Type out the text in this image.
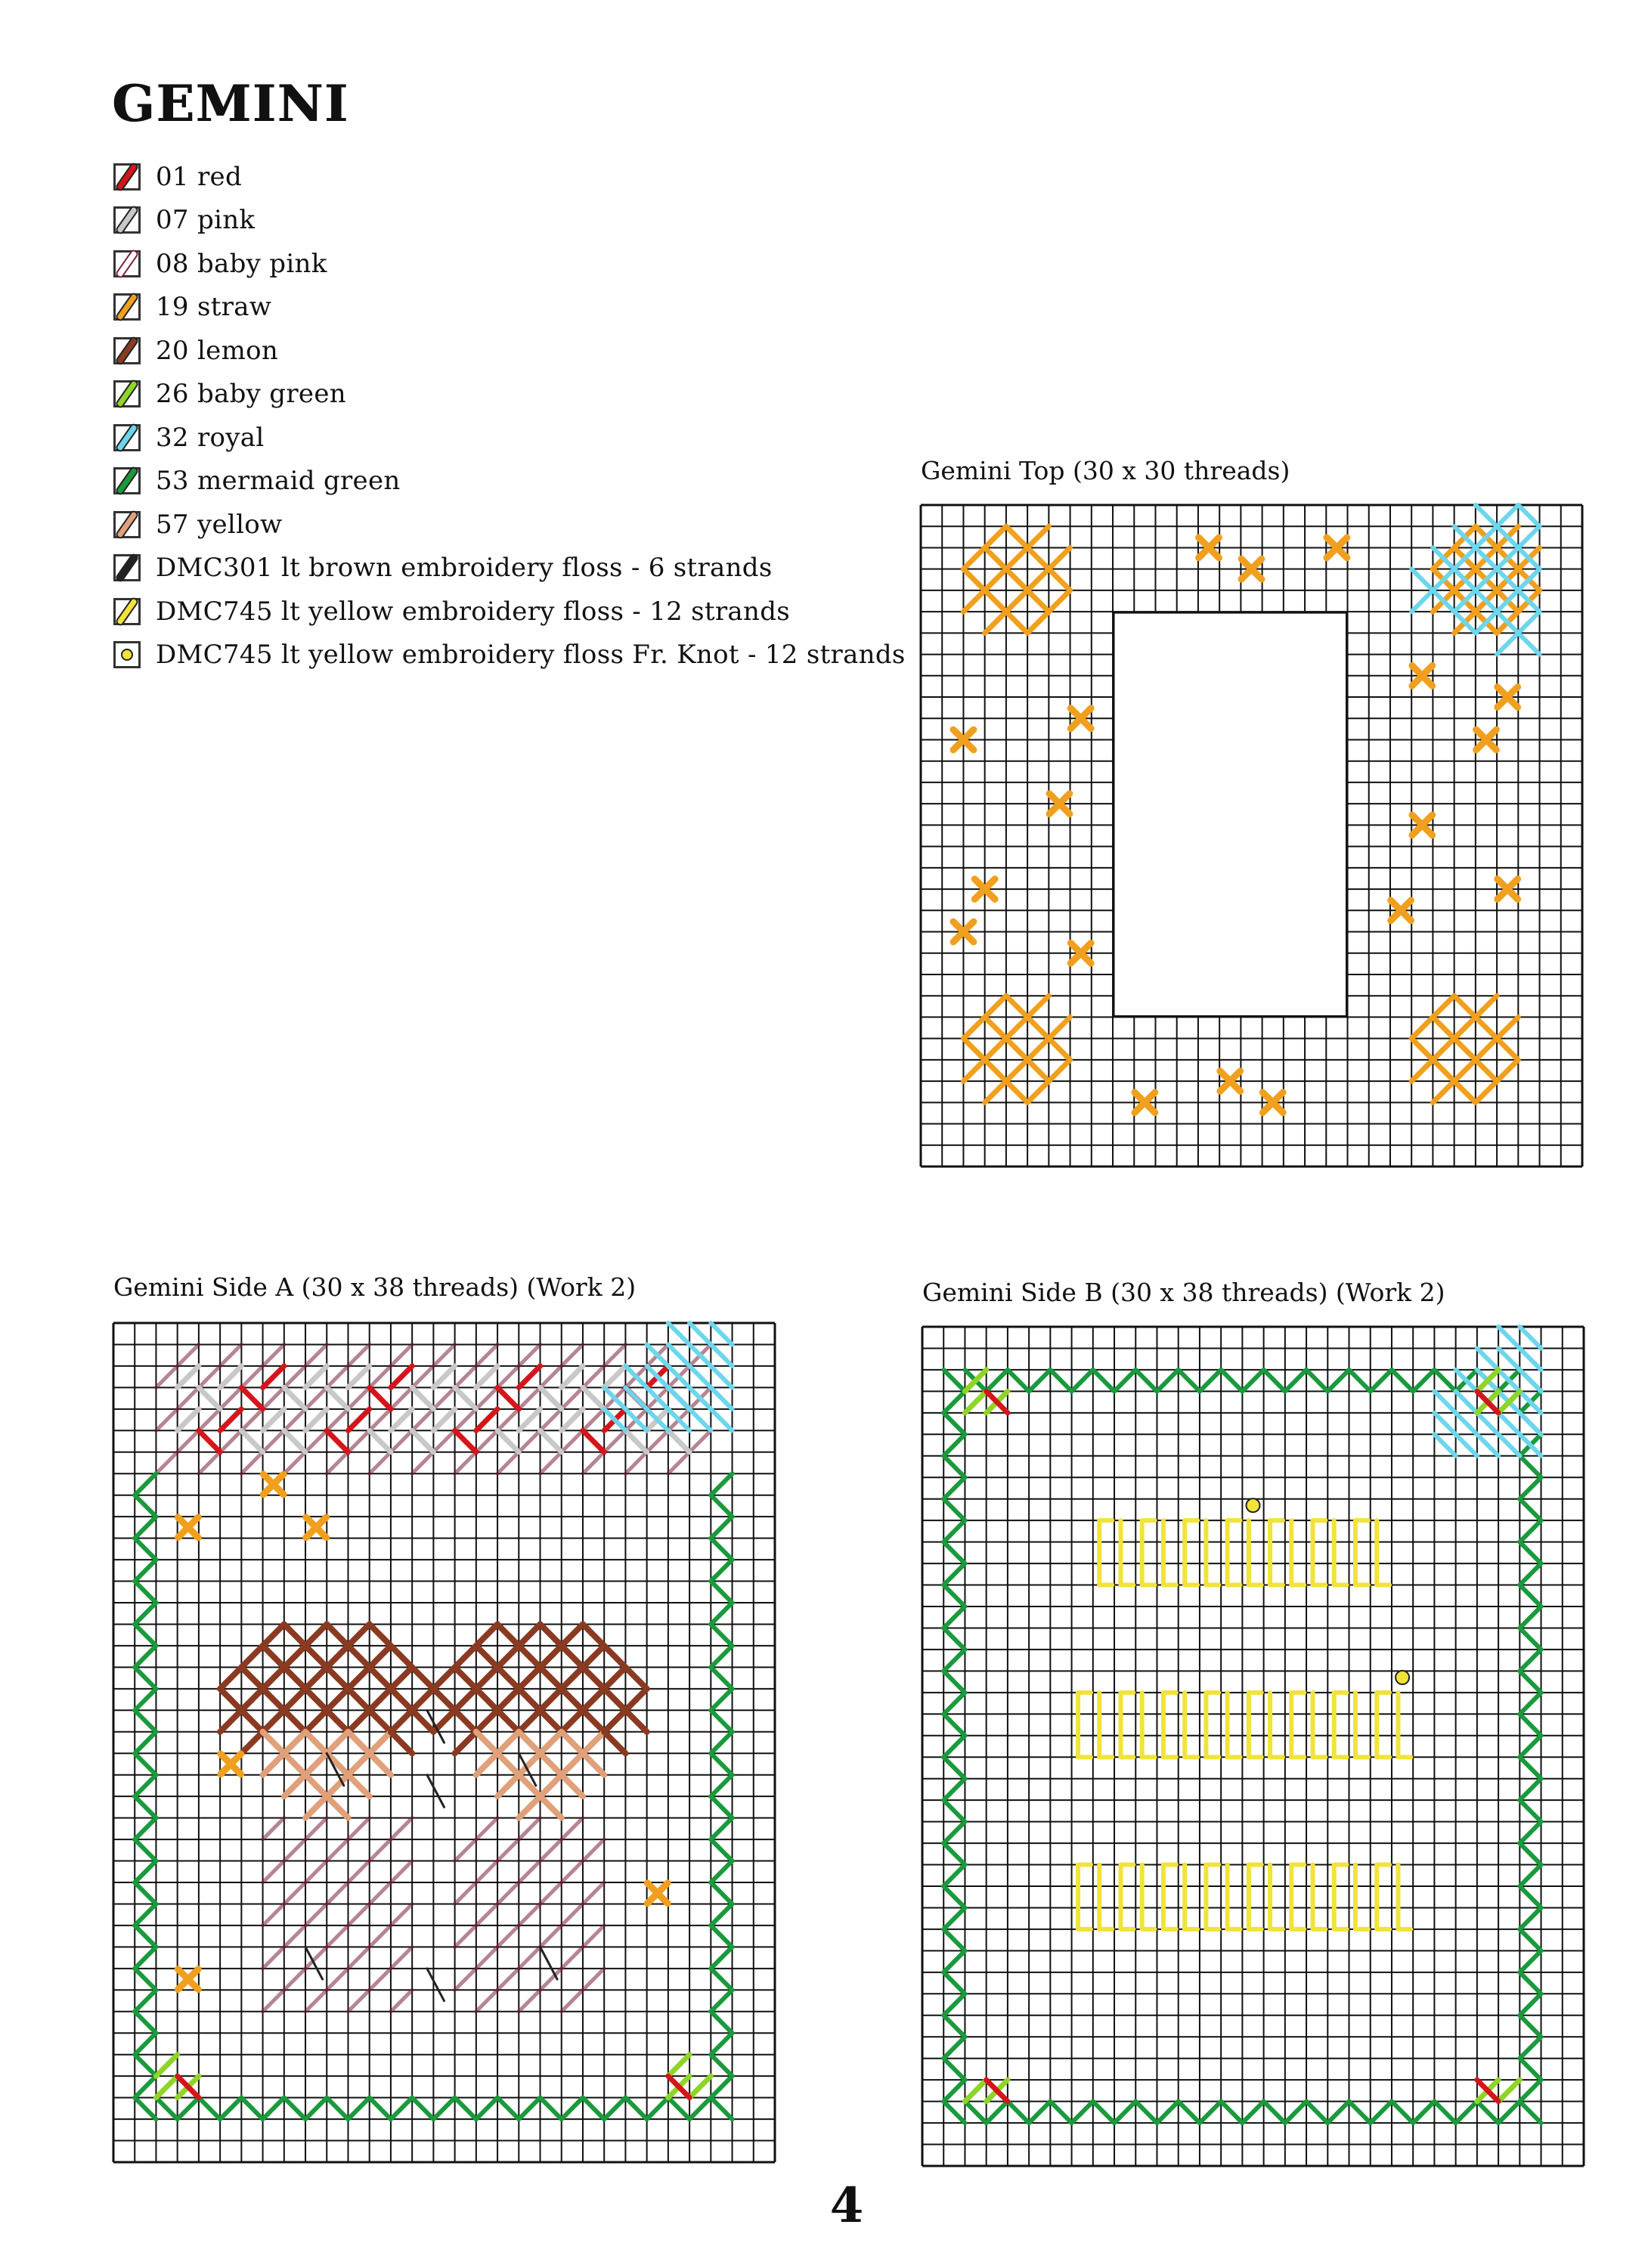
GEMINI
01 red
07 pink
08 baby pink
19 straw
20 lemon
26 baby green
32 royal
53 mermaid green
57 yellow
DMC301 lt brown embroidery floss - 6 strands
DMC745 lt yellow embroidery floss - 12 strands
DMC745 lt yellow embroidery floss Fr. Knot - 12 strands
Gemini Top (30 x 30 threads)
Gemini Side A (30 x 38 threads) (Work 2)	Gemini Side B (30 x 38 threads) (Work 2)
4
